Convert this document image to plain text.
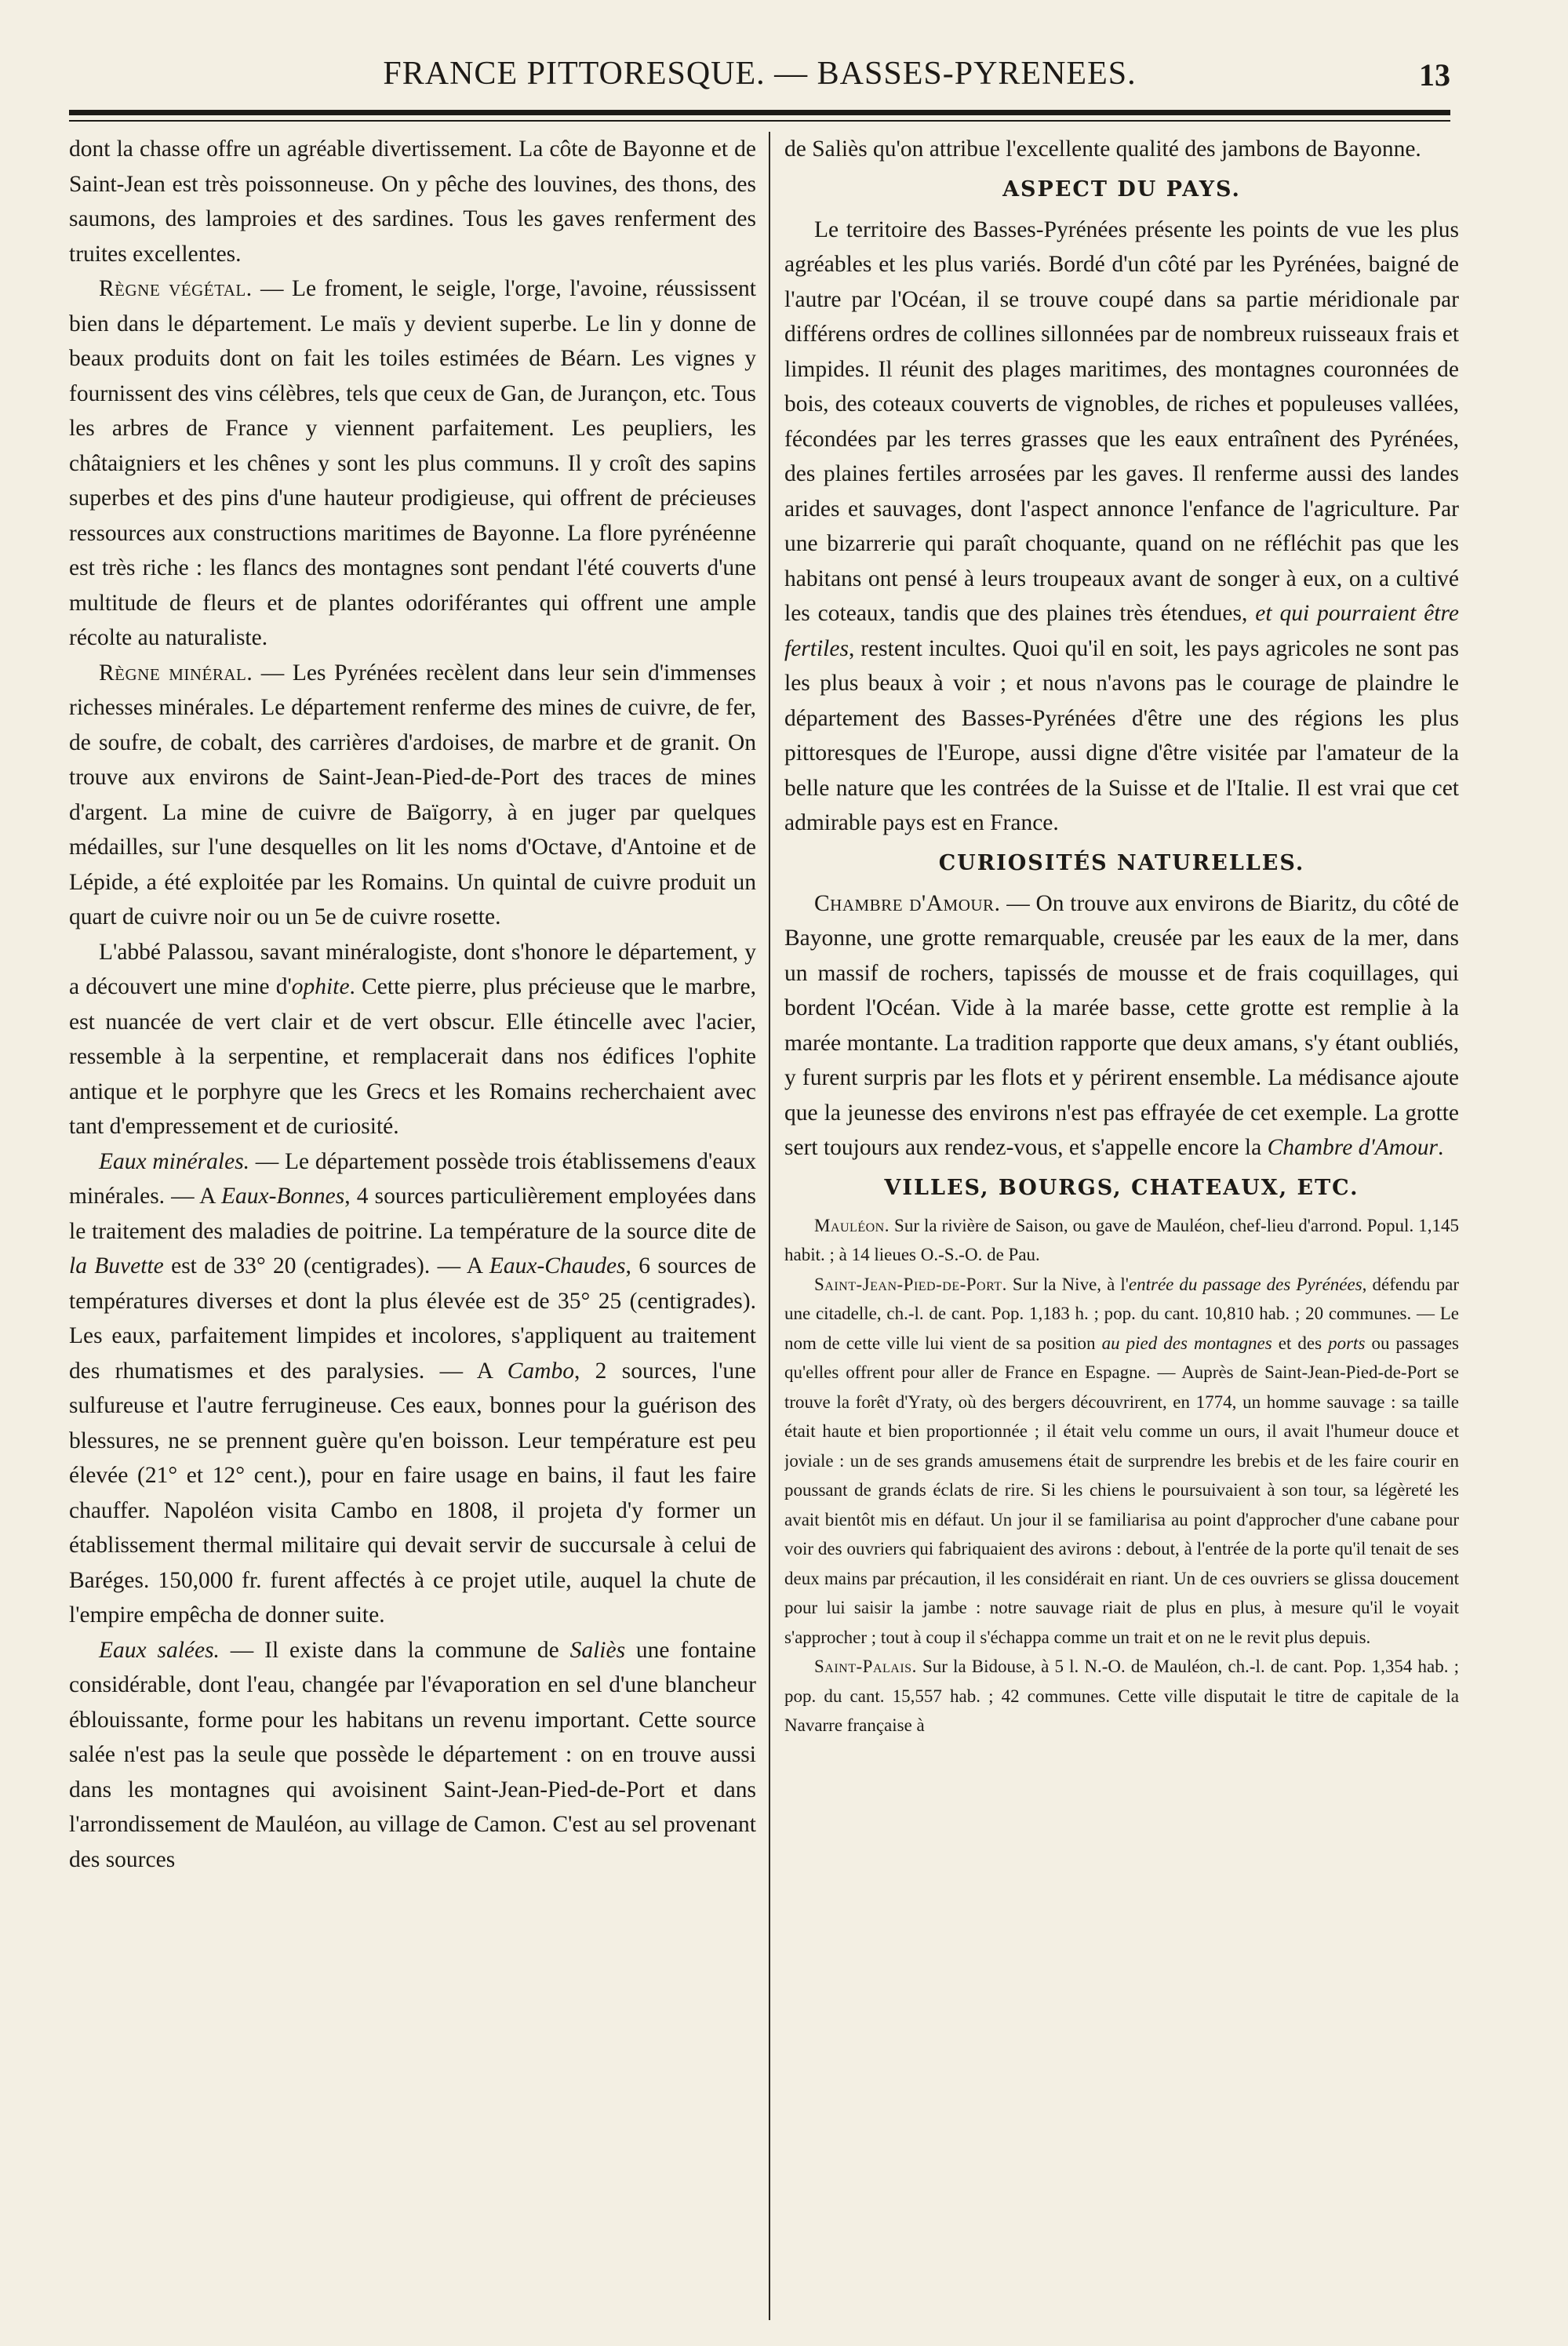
FRANCE PITTORESQUE. — BASSES-PYRENEES.	13

dont la chasse offre un agréable divertissement. La côte de Bayonne et de Saint-Jean est très poissonneuse. On y pêche des louvines, des thons, des saumons, des lamproies et des sardines. Tous les gaves renferment des truites excellentes.

Règne végétal. — Le froment, le seigle, l'orge, l'avoine, réussissent bien dans le département. Le maïs y devient superbe. Le lin y donne de beaux produits dont on fait les toiles estimées de Béarn. Les vignes y fournissent des vins célèbres, tels que ceux de Gan, de Jurançon, etc. Tous les arbres de France y viennent parfaitement. Les peupliers, les châtaigniers et les chênes y sont les plus communs. Il y croît des sapins superbes et des pins d'une hauteur prodigieuse, qui offrent de précieuses ressources aux constructions maritimes de Bayonne. La flore pyrénéenne est très riche : les flancs des montagnes sont pendant l'été couverts d'une multitude de fleurs et de plantes odoriférantes qui offrent une ample récolte au naturaliste.

Règne minéral. — Les Pyrénées recèlent dans leur sein d'immenses richesses minérales. Le département renferme des mines de cuivre, de fer, de soufre, de cobalt, des carrières d'ardoises, de marbre et de granit. On trouve aux environs de Saint-Jean-Pied-de-Port des traces de mines d'argent. La mine de cuivre de Baïgorry, à en juger par quelques médailles, sur l'une desquelles on lit les noms d'Octave, d'Antoine et de Lépide, a été exploitée par les Romains. Un quintal de cuivre produit un quart de cuivre noir ou un 5e de cuivre rosette.

L'abbé Palassou, savant minéralogiste, dont s'honore le département, y a découvert une mine d'ophite. Cette pierre, plus précieuse que le marbre, est nuancée de vert clair et de vert obscur. Elle étincelle avec l'acier, ressemble à la serpentine, et remplacerait dans nos édifices l'ophite antique et le porphyre que les Grecs et les Romains recherchaient avec tant d'empressement et de curiosité.

Eaux minérales. — Le département possède trois établissemens d'eaux minérales. — A Eaux-Bonnes, 4 sources particulièrement employées dans le traitement des maladies de poitrine. La température de la source dite de la Buvette est de 33° 20 (centigrades). — A Eaux-Chaudes, 6 sources de températures diverses et dont la plus élevée est de 35° 25 (centigrades). Les eaux, parfaitement limpides et incolores, s'appliquent au traitement des rhumatismes et des paralysies. — A Cambo, 2 sources, l'une sulfureuse et l'autre ferrugineuse. Ces eaux, bonnes pour la guérison des blessures, ne se prennent guère qu'en boisson. Leur température est peu élevée (21° et 12° cent.), pour en faire usage en bains, il faut les faire chauffer. Napoléon visita Cambo en 1808, il projeta d'y former un établissement thermal militaire qui devait servir de succursale à celui de Baréges. 150,000 fr. furent affectés à ce projet utile, auquel la chute de l'empire empêcha de donner suite.

Eaux salées. — Il existe dans la commune de Saliès une fontaine considérable, dont l'eau, changée par l'évaporation en sel d'une blancheur éblouissante, forme pour les habitans un revenu important. Cette source salée n'est pas la seule que possède le département : on en trouve aussi dans les montagnes qui avoisinent Saint-Jean-Pied-de-Port et dans l'arrondissement de Mauléon, au village de Camon. C'est au sel provenant des sources

de Saliès qu'on attribue l'excellente qualité des jambons de Bayonne.

ASPECT DU PAYS.

Le territoire des Basses-Pyrénées présente les points de vue les plus agréables et les plus variés. Bordé d'un côté par les Pyrénées, baigné de l'autre par l'Océan, il se trouve coupé dans sa partie méridionale par différens ordres de collines sillonnées par de nombreux ruisseaux frais et limpides. Il réunit des plages maritimes, des montagnes couronnées de bois, des coteaux couverts de vignobles, de riches et populeuses vallées, fécondées par les terres grasses que les eaux entraînent des Pyrénées, des plaines fertiles arrosées par les gaves. Il renferme aussi des landes arides et sauvages, dont l'aspect annonce l'enfance de l'agriculture. Par une bizarrerie qui paraît choquante, quand on ne réfléchit pas que les habitans ont pensé à leurs troupeaux avant de songer à eux, on a cultivé les coteaux, tandis que des plaines très étendues, et qui pourraient être fertiles, restent incultes. Quoi qu'il en soit, les pays agricoles ne sont pas les plus beaux à voir ; et nous n'avons pas le courage de plaindre le département des Basses-Pyrénées d'être une des régions les plus pittoresques de l'Europe, aussi digne d'être visitée par l'amateur de la belle nature que les contrées de la Suisse et de l'Italie. Il est vrai que cet admirable pays est en France.

CURIOSITÉS NATURELLES.

Chambre d'Amour. — On trouve aux environs de Biaritz, du côté de Bayonne, une grotte remarquable, creusée par les eaux de la mer, dans un massif de rochers, tapissés de mousse et de frais coquillages, qui bordent l'Océan. Vide à la marée basse, cette grotte est remplie à la marée montante. La tradition rapporte que deux amans, s'y étant oubliés, y furent surpris par les flots et y périrent ensemble. La médisance ajoute que la jeunesse des environs n'est pas effrayée de cet exemple. La grotte sert toujours aux rendez-vous, et s'appelle encore la Chambre d'Amour.

VILLES, BOURGS, CHATEAUX, ETC.

Mauléon. Sur la rivière de Saison, ou gave de Mauléon, chef-lieu d'arrond. Popul. 1,145 habit. ; à 14 lieues O.-S.-O. de Pau.

Saint-Jean-Pied-de-Port. Sur la Nive, à l'entrée du passage des Pyrénées, défendu par une citadelle, ch.-l. de cant. Pop. 1,183 h. ; pop. du cant. 10,810 hab. ; 20 communes. — Le nom de cette ville lui vient de sa position au pied des montagnes et des ports ou passages qu'elles offrent pour aller de France en Espagne. — Auprès de Saint-Jean-Pied-de-Port se trouve la forêt d'Yraty, où des bergers découvrirent, en 1774, un homme sauvage : sa taille était haute et bien proportionnée ; il était velu comme un ours, il avait l'humeur douce et joviale : un de ses grands amusemens était de surprendre les brebis et de les faire courir en poussant de grands éclats de rire. Si les chiens le poursuivaient à son tour, sa légèreté les avait bientôt mis en défaut. Un jour il se familiarisa au point d'approcher d'une cabane pour voir des ouvriers qui fabriquaient des avirons : debout, à l'entrée de la porte qu'il tenait de ses deux mains par précaution, il les considérait en riant. Un de ces ouvriers se glissa doucement pour lui saisir la jambe : notre sauvage riait de plus en plus, à mesure qu'il le voyait s'approcher ; tout à coup il s'échappa comme un trait et on ne le revit plus depuis.

Saint-Palais. Sur la Bidouse, à 5 l. N.-O. de Mauléon, ch.-l. de cant. Pop. 1,354 hab. ; pop. du cant. 15,557 hab. ; 42 communes. Cette ville disputait le titre de capitale de la Navarre française à
